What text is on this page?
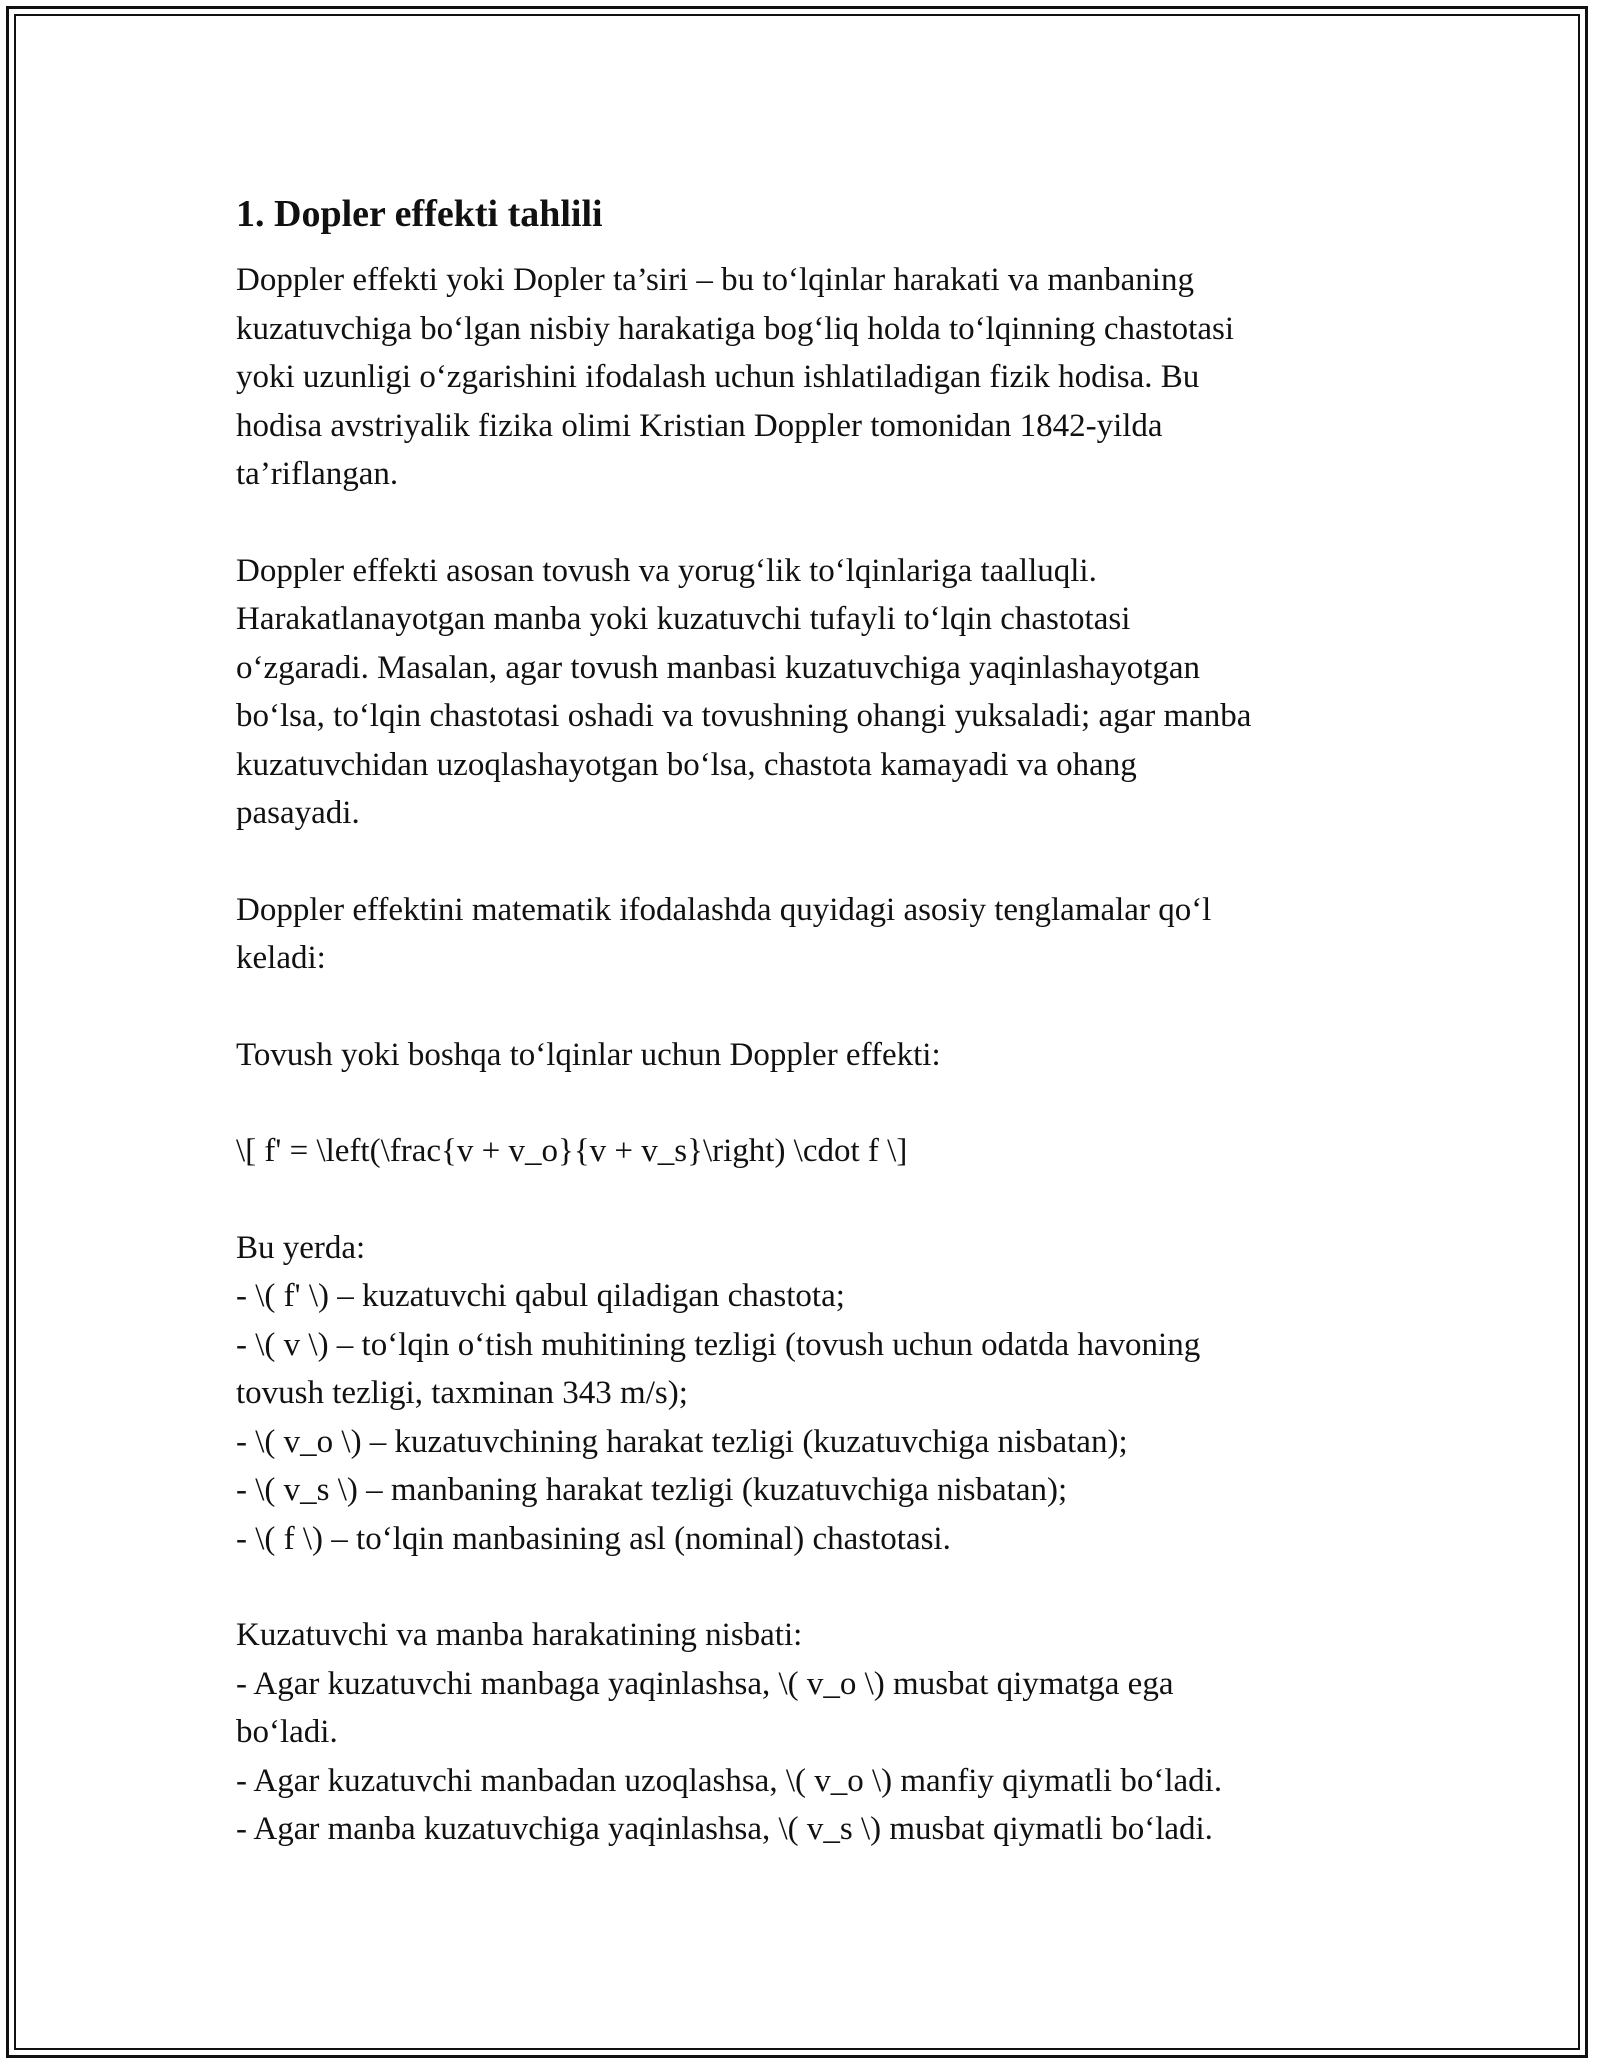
1. Dopler effekti tahlili

Doppler effekti yoki Dopler ta’siri – bu to‘lqinlar harakati va manbaning
kuzatuvchiga bo‘lgan nisbiy harakatiga bog‘liq holda to‘lqinning chastotasi
yoki uzunligi o‘zgarishini ifodalash uchun ishlatiladigan fizik hodisa. Bu
hodisa avstriyalik fizika olimi Kristian Doppler tomonidan 1842-yilda
ta’riflangan.

Doppler effekti asosan tovush va yorug‘lik to‘lqinlariga taalluqli.
Harakatlanayotgan manba yoki kuzatuvchi tufayli to‘lqin chastotasi
o‘zgaradi. Masalan, agar tovush manbasi kuzatuvchiga yaqinlashayotgan
bo‘lsa, to‘lqin chastotasi oshadi va tovushning ohangi yuksaladi; agar manba
kuzatuvchidan uzoqlashayotgan bo‘lsa, chastota kamayadi va ohang
pasayadi.

Doppler effektini matematik ifodalashda quyidagi asosiy tenglamalar qo‘l
keladi:

Tovush yoki boshqa to‘lqinlar uchun Doppler effekti:

\[ f' = \left(\frac{v + v_o}{v + v_s}\right) \cdot f \]

Bu yerda:
- \( f' \) – kuzatuvchi qabul qiladigan chastota;
- \( v \) – to‘lqin o‘tish muhitining tezligi (tovush uchun odatda havoning
tovush tezligi, taxminan 343 m/s);
- \( v_o \) – kuzatuvchining harakat tezligi (kuzatuvchiga nisbatan);
- \( v_s \) – manbaning harakat tezligi (kuzatuvchiga nisbatan);
- \( f \) – to‘lqin manbasining asl (nominal) chastotasi.

Kuzatuvchi va manba harakatining nisbati:
- Agar kuzatuvchi manbaga yaqinlashsa, \( v_o \) musbat qiymatga ega
bo‘ladi.
- Agar kuzatuvchi manbadan uzoqlashsa, \( v_o \) manfiy qiymatli bo‘ladi.
- Agar manba kuzatuvchiga yaqinlashsa, \( v_s \) musbat qiymatli bo‘ladi.
